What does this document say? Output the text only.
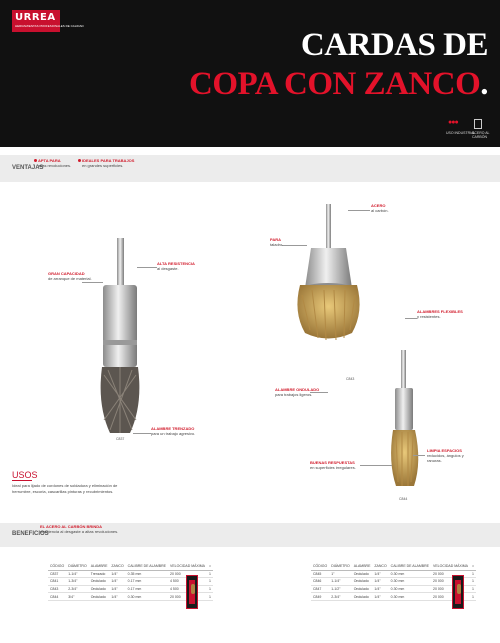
URREA
HERRAMIENTAS PROFESIONALES DE CALIDAD
CARDAS DE
COPA CON ZANCO.
●●●
USO INDUSTRIAL
ACERO AL CARBÓN
VENTAJAS
APTA PARA
altas revoluciones.
IDEALES PARA TRABAJOS
en grandes superficies.
GRAN CAPACIDAD
de arranque de material.
ALTA RESISTENCIA
al desgaste.
ALAMBRE TRENZADO
para un trabajo agresivo.
C837
PARA
taladro.
ACERO
al carbón.
ALAMBRES FLEXIBLES
y resistentes.
ALAMBRE ONDULADO
para trabajos ligeros.
C843
BUENAS RESPUESTAS
en superficies irregulares.
LIMPIA ESPACIOS
reducidos, ángulos y ranuras.
C844
USOS
Ideal para lijado de cordones de soldadura y eliminación de herrumbre, escoria, cascarillas pinturas y recubrimientos.
BENEFICIOS
EL ACERO AL CARBÓN BRINDA
resistencia al desgaste a altas revoluciones.
CÓDIGO	DIÁMETRO	ALAMBRE	ZANCO	CALIBRE DE ALAMBRE	VELOCIDAD MÁXIMA	⌂
C837	1-1/4"	Trenzado	1/4"	0.35 mm	20 000	1
C841	1-3/4"	Ondulado	1/4"	0.17 mm	4 500	1
C843	2-3/4"	Ondulado	1/4"	0.17 mm	4 500	1
C844	3/4"	Ondulado	1/4"	0.30 mm	20 000	1
CÓDIGO	DIÁMETRO	ALAMBRE	ZANCO	CALIBRE DE ALAMBRE	VELOCIDAD MÁXIMA	⌂
C845	1"	Ondulado	1/4"	0.30 mm	20 000	1
C846	1-1/4"	Ondulado	1/4"	0.30 mm	20 000	1
C847	1-1/2"	Ondulado	1/4"	0.30 mm	20 000	1
C849	2-3/4"	Ondulado	1/4"	0.30 mm	20 000	1
